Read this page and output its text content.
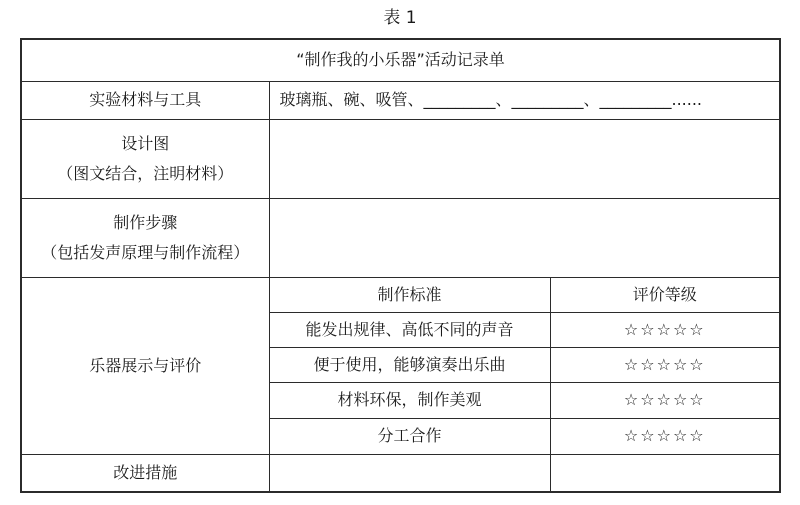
表 1
“制作我的小乐器”活动记录单		
实验材料与工具	玻璃瓶、碗、吸管、_________、_________、_________......	

设计图
（图文结合，注明材料）		

制作步骤
（包括发声原理与制作流程）		

乐器展示与评价	制作标准	评价等级
	能发出规律、高低不同的声音	☆☆☆☆☆
	便于使用，能够演奏出乐曲	☆☆☆☆☆
	材料环保，制作美观	☆☆☆☆☆
	分工合作	☆☆☆☆☆
改进措施		
